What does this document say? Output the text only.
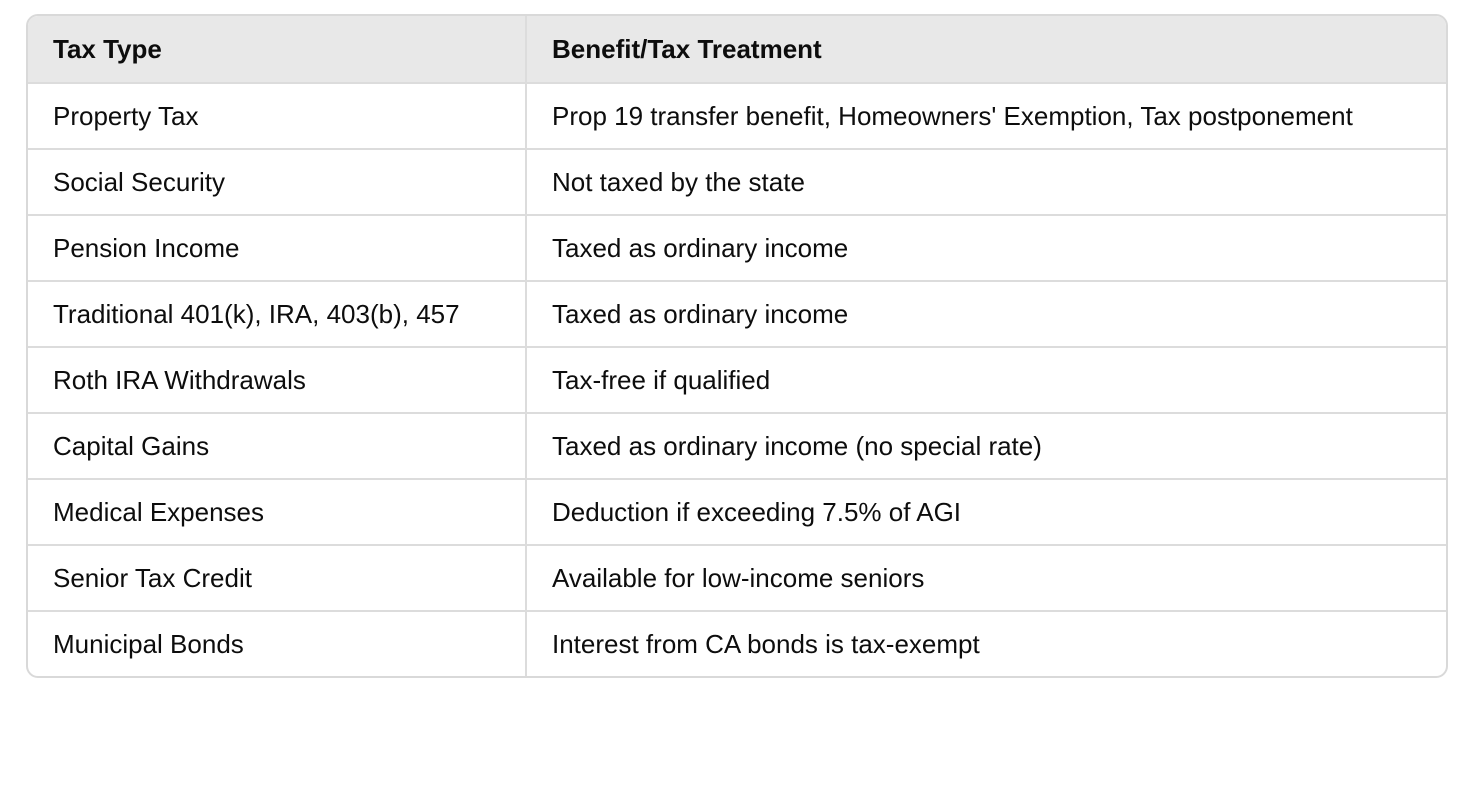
Tax Type	Benefit/Tax Treatment
Property Tax	Prop 19 transfer benefit, Homeowners' Exemption, Tax postponement
Social Security	Not taxed by the state
Pension Income	Taxed as ordinary income
Traditional 401(k), IRA, 403(b), 457	Taxed as ordinary income
Roth IRA Withdrawals	Tax-free if qualified
Capital Gains	Taxed as ordinary income (no special rate)
Medical Expenses	Deduction if exceeding 7.5% of AGI
Senior Tax Credit	Available for low-income seniors
Municipal Bonds	Interest from CA bonds is tax-exempt
